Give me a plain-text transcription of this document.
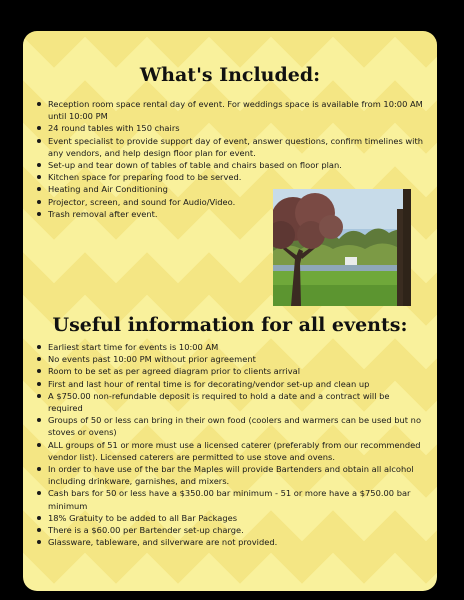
What's Included:
Reception room space rental day of event. For weddings space is available from 10:00 AM until 10:00 PM
24 round tables with 150 chairs
Event specialist to provide support day of event, answer questions, confirm timelines with any vendors, and help design floor plan for event.
Set-up and tear down of tables of table and chairs based on floor plan.
Kitchen space for preparing food to be served.
Heating and Air Conditioning
Projector, screen, and sound for Audio/Video.
Trash removal after event.
Useful information for all events:
Earliest start time for events is 10:00 AM
No events past 10:00 PM without prior agreement
Room to be set as per agreed diagram prior to clients arrival
First and last hour of rental time is for decorating/vendor set-up and clean up
A $750.00 non-refundable deposit is required to hold a date and a contract will be required
Groups of 50 or less can bring in their own food (coolers and warmers can be used but no stoves or ovens)
ALL groups of 51 or more must use a licensed caterer (preferably from our recommended vendor list). Licensed caterers are permitted to use stove and ovens.
In order to have use of the bar the Maples will provide Bartenders and obtain all alcohol including drinkware, garnishes, and mixers.
Cash bars for 50 or less have a $350.00 bar minimum - 51 or more have a $750.00 bar minimum
18% Gratuity to be added to all Bar Packages
There is a $60.00 per Bartender set-up charge.
Glassware, tableware, and silverware are not provided.
